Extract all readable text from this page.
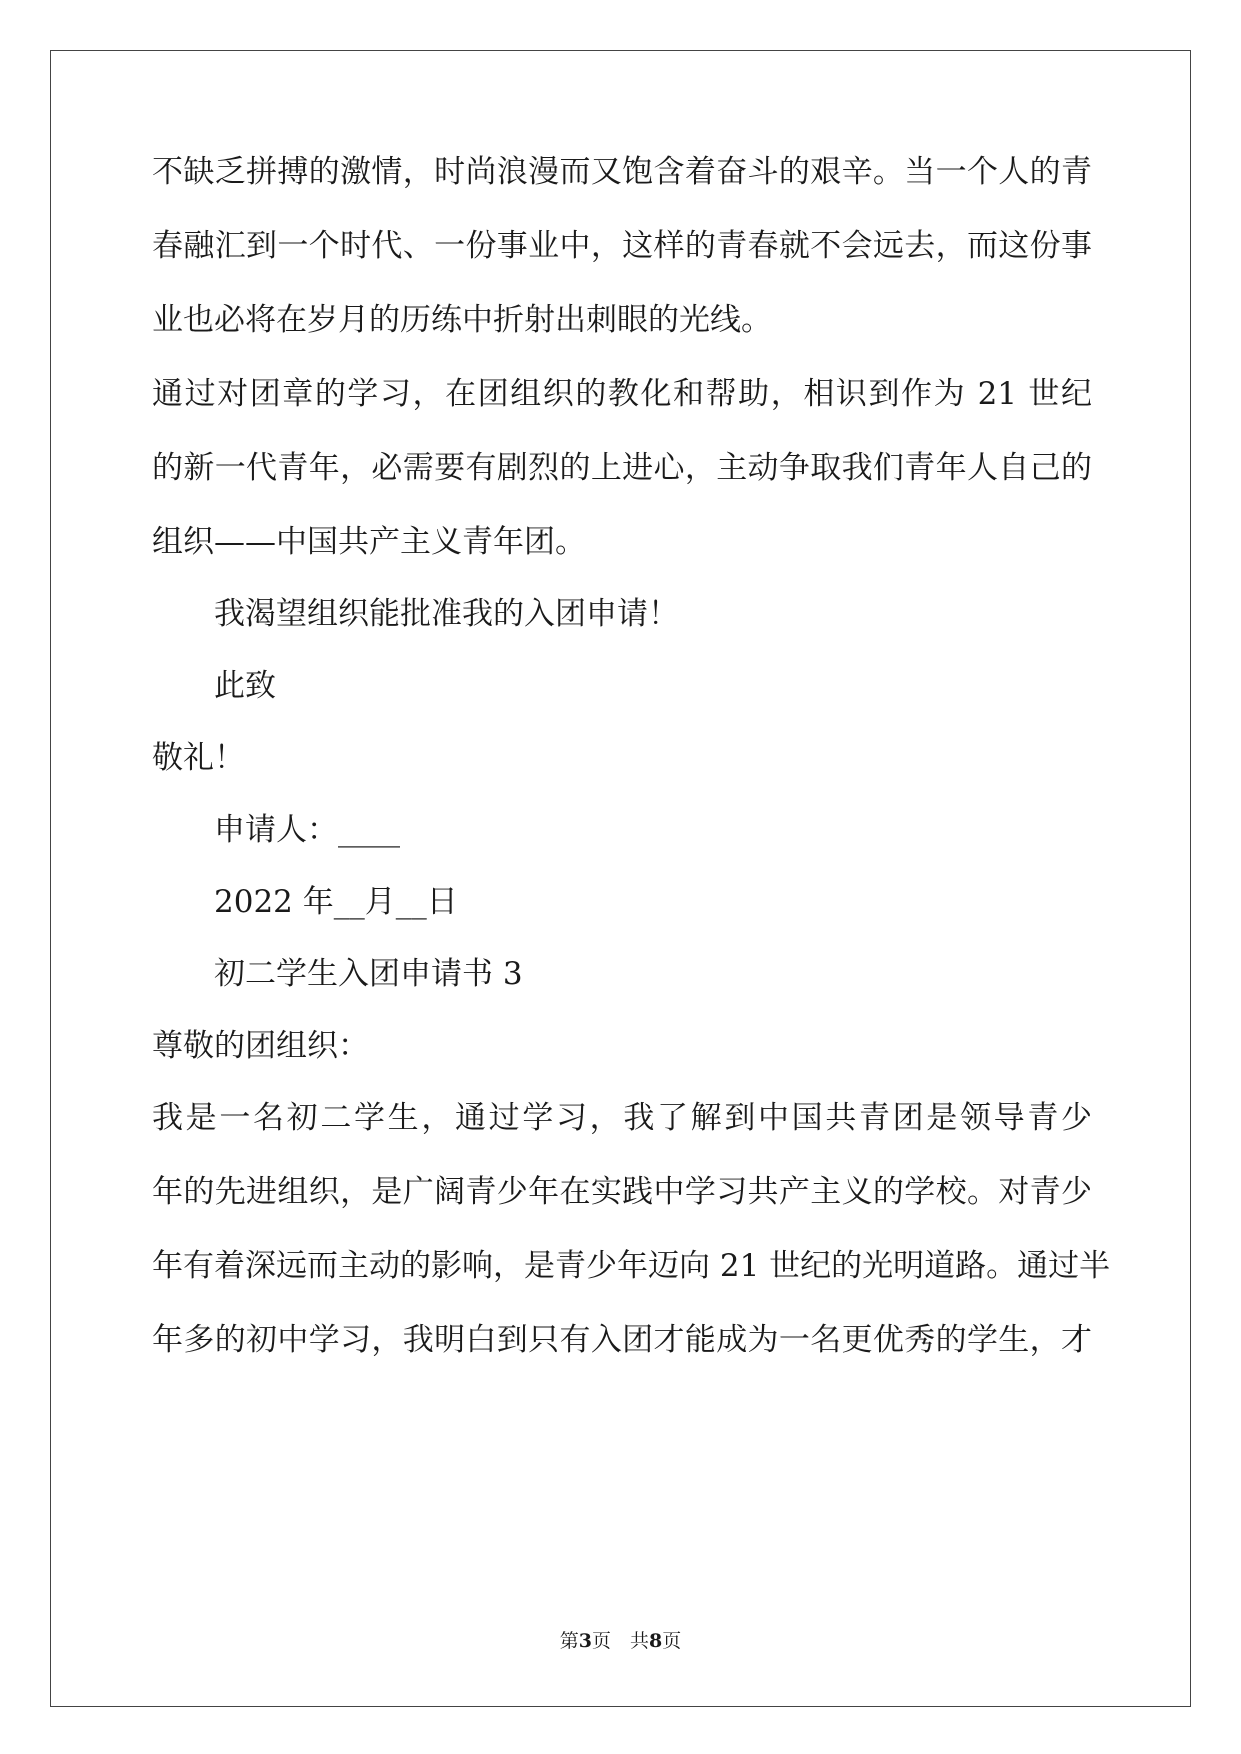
不缺乏拼搏的激情，时尚浪漫而又饱含着奋斗的艰辛。当一个人的青
春融汇到一个时代、一份事业中，这样的青春就不会远去，而这份事
业也必将在岁月的历练中折射出刺眼的光线。
通过对团章的学习，在团组织的教化和帮助，相识到作为 21 世纪
的新一代青年，必需要有剧烈的上进心，主动争取我们青年人自己的
组织——中国共产主义青年团。
我渴望组织能批准我的入团申请！
此致
敬礼！
申请人：____
2022 年__月__日
初二学生入团申请书 3
尊敬的团组织：
我是一名初二学生，通过学习，我了解到中国共青团是领导青少
年的先进组织，是广阔青少年在实践中学习共产主义的学校。对青少
年有着深远而主动的影响，是青少年迈向 21 世纪的光明道路。通过半
年多的初中学习，我明白到只有入团才能成为一名更优秀的学生，才
第3页　共8页
